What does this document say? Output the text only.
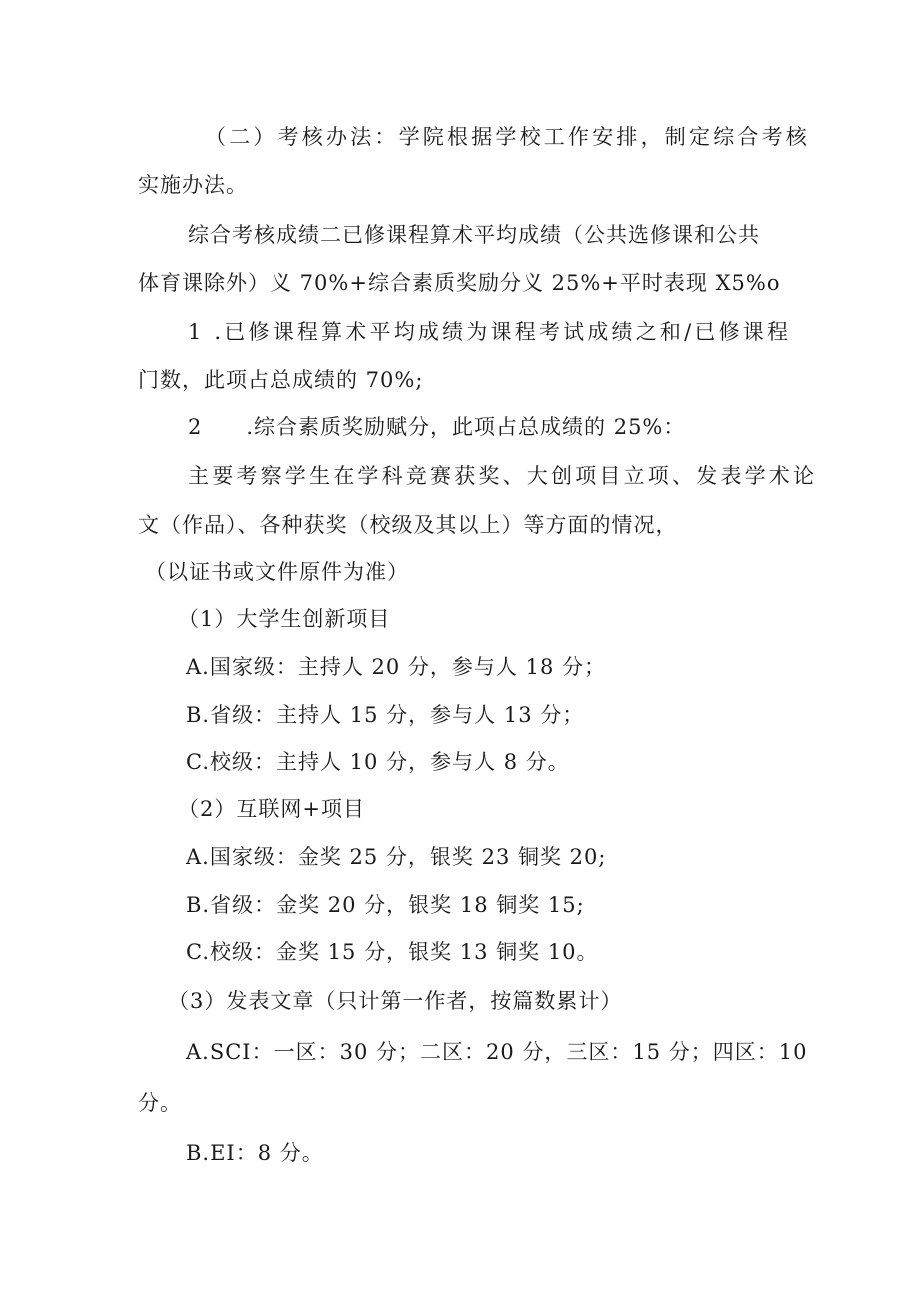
（二）考核办法：学院根据学校工作安排，制定综合考核
实施办法。
综合考核成绩二已修课程算术平均成绩（公共选修课和公共
体育课除外）义 70%+综合素质奖励分义 25%+平时表现 X5%o
1 .已修课程算术平均成绩为课程考试成绩之和/已修课程
门数，此项占总成绩的 70%;
2　　.综合素质奖励赋分，此项占总成绩的 25%：
主要考察学生在学科竞赛获奖、大创项目立项、发表学术论
文（作品）、各种获奖（校级及其以上）等方面的情况，
（以证书或文件原件为准）
（1）大学生创新项目
A.国家级：主持人 20 分，参与人 18 分；
B.省级：主持人 15 分，参与人 13 分；
C.校级：主持人 10 分，参与人 8 分。
（2）互联网+项目
A.国家级：金奖 25 分，银奖 23 铜奖 20;
B.省级：金奖 20 分，银奖 18 铜奖 15;
C.校级：金奖 15 分，银奖 13 铜奖 10。
（3）发表文章（只计第一作者，按篇数累计）
A.SCI：一区：30 分；二区：20 分，三区：15 分；四区：10
分。
B.EI：8 分。
